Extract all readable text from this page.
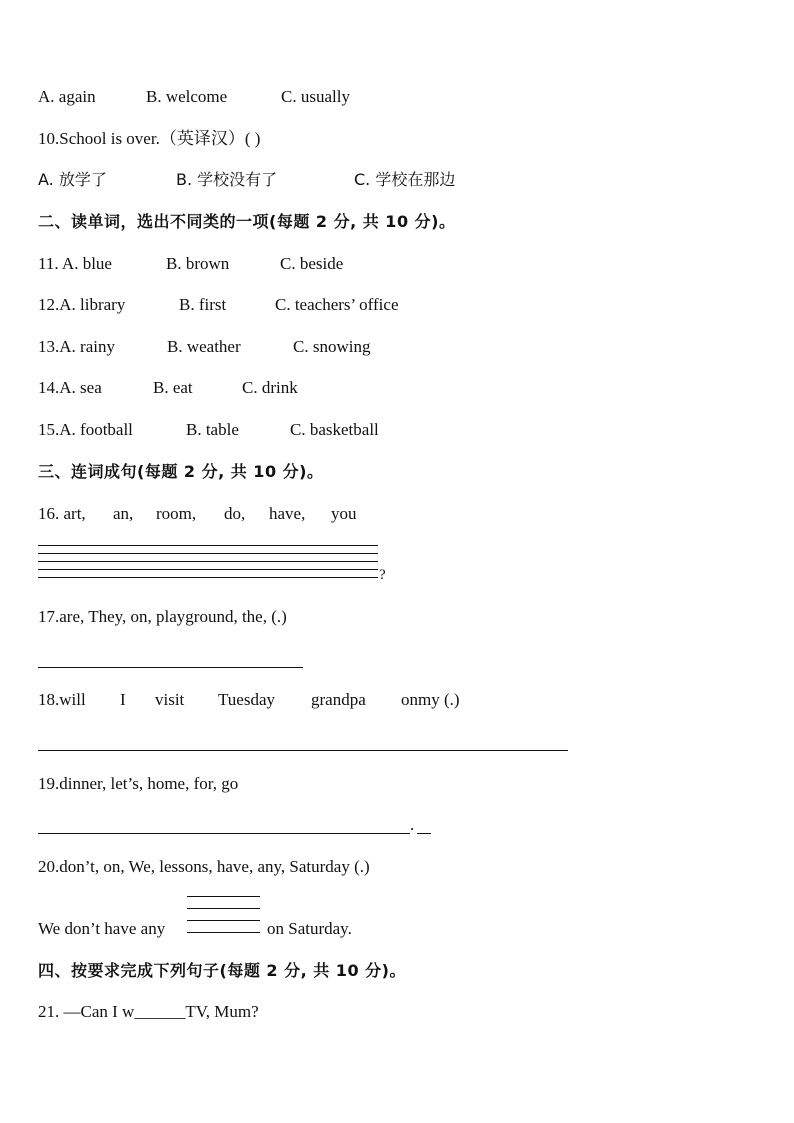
A. again	B. welcome	C. usually
10.School is over.（英译汉）( )
A. 放学了	B. 学校没有了	C. 学校在那边
二、读单词，选出不同类的一项(每题 2 分, 共 10 分)。
11. A. blue	B. brown	C. beside
12.A. library	B. first	C. teachers’ office
13.A. rainy	B. weather	C. snowing
14.A. sea	B. eat	C. drink
15.A. football	B. table	C. basketball
三、连词成句(每题 2 分, 共 10 分)。
16. art, an, room, do, have, you
?
17.are, They, on, playground, the, (.)
18.will I visit Tuesday grandpa onmy (.)
19.dinner, let’s, home, for, go
.
20.don’t, on, We, lessons, have, any, Saturday (.)
We don’t have any	on Saturday.
四、按要求完成下列句子(每题 2 分, 共 10 分)。
21. —Can I w______TV, Mum?
